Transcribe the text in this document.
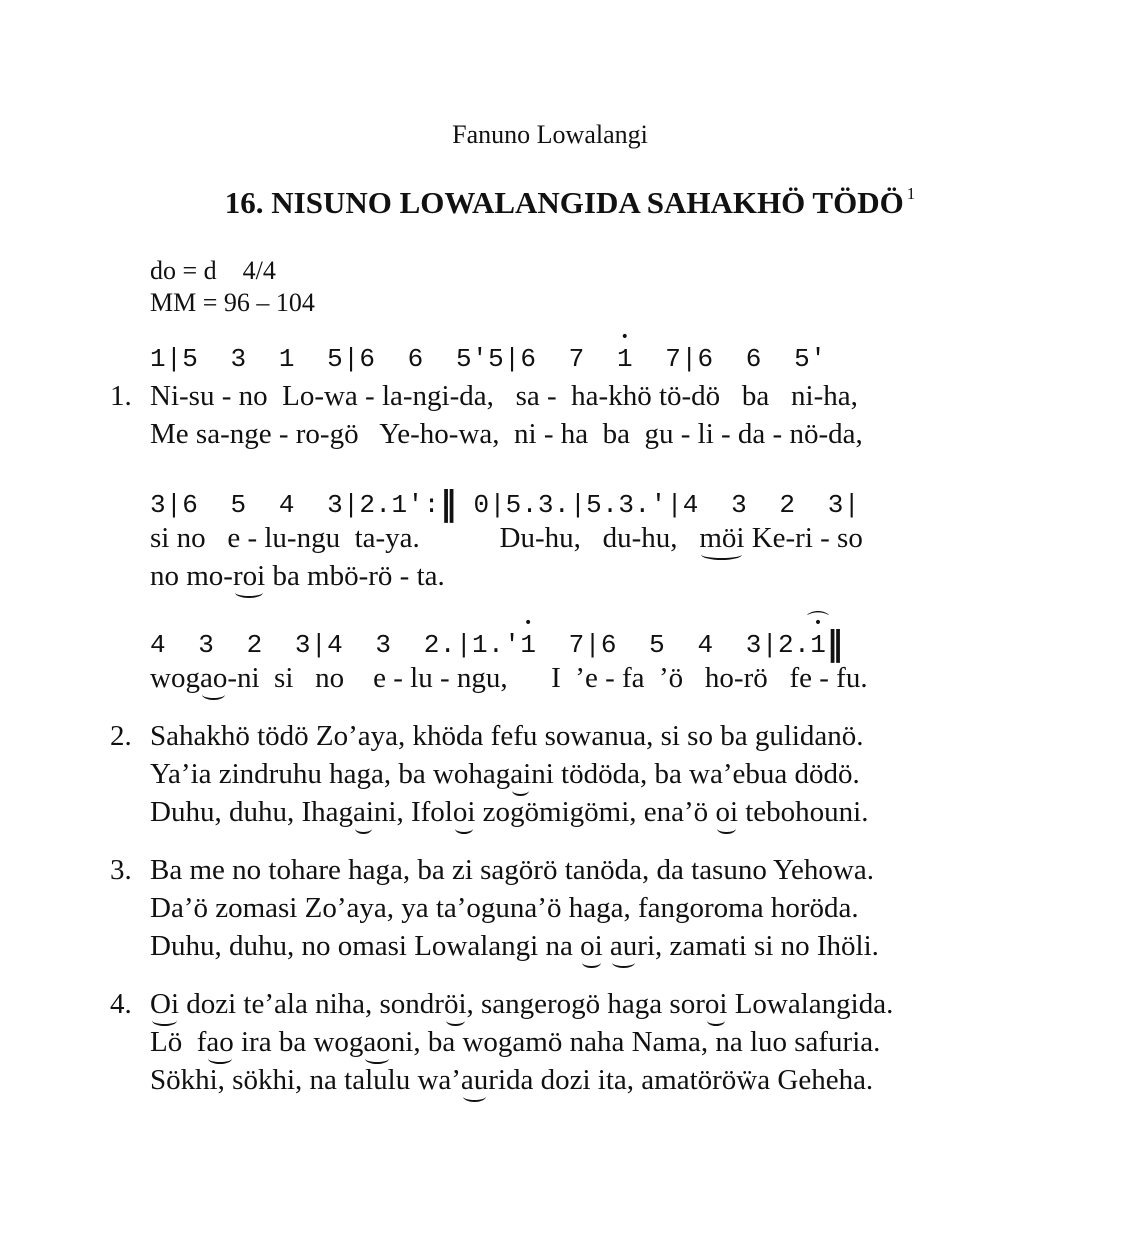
Fanuno Lowalangi
16. NISUNO LOWALANGIDA SAHAKHÖ TÖDÖ $^1$
do = d 4/4
MM = 96 – 104
1|5  3  1  5|6  6  5'5|6  7  • 1  7|6  6  5'
1. Ni-su - no  Lo-wa - la-ngi-da,   sa -  ha-khö tö-dö   ba   ni-ha,
Me sa-nge - ro-gö   Ye-ho-wa,  ni - ha  ba  gu - li - da - nö-da,
3|6  5  4  3|2.1':‖ 0|5.3.|5.3.'|4  3  2  3|
si no   e - lu-ngu  ta-ya.           Du-hu,   du-hu,   möi Ke-ri - so
no mo-roi ba mbö-rö - ta.
4  3  2  3|4  3  2.|1.'• 1  7|6  5  4  3|2.⌒ 1 •‖
wogao-ni  si   no    e - lu - ngu,      I  ’e - fa  ’ö   ho-rö   fe - fu.
2. Sahakhö tödö Zo’aya, khöda fefu sowanua, si so ba gulidanö.
Ya’ia zindruhu haga, ba wohagaini tödöda, ba wa’ebua dödö.
Duhu, duhu, Ihagaini, Ifoloi zogömigömi, ena’ö oi tebohouni.
3. Ba me no tohare haga, ba zi sagörö tanöda, da tasuno Yehowa.
Da’ö zomasi Zo’aya, ya ta’oguna’ö haga, fangoroma horöda.
Duhu, duhu, no omasi Lowalangi na oi auri, zamati si no Ihöli.
4. Oi dozi te’ala niha, sondröi, sangerogö haga soroi Lowalangida.
Lö  fao ira ba wogaoni, ba wogamö naha Nama, na luo safuria.
Sökhi, sökhi, na talulu wa’aurida dozi ita, amatöröẅa Geheha.
